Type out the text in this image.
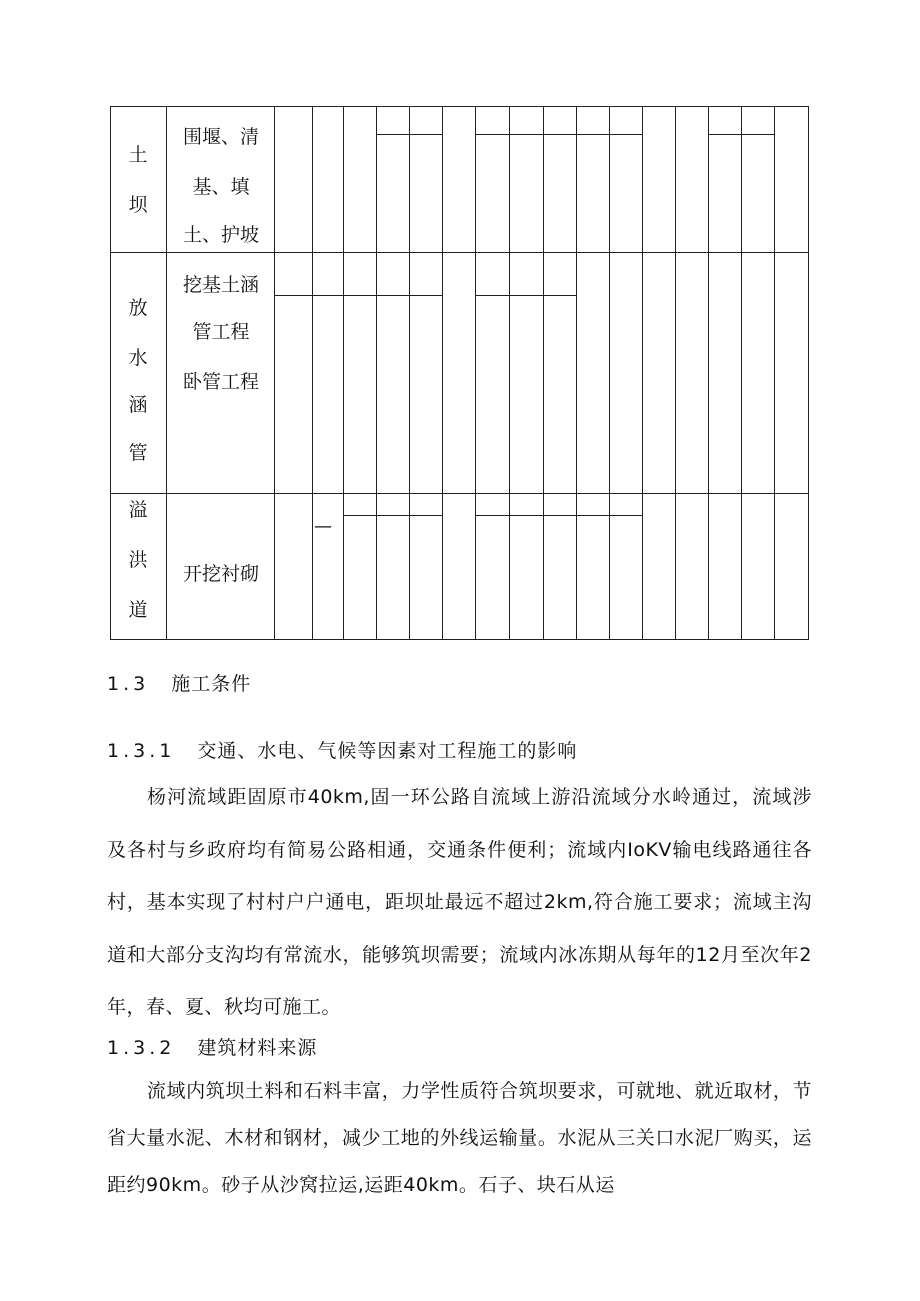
—
土
坝
围堰、清
基、填
土、护坡
放
水
涵
管
挖基土涵
管工程
卧管工程
溢
洪
道
开挖衬砌
1.3 施工条件
1.3.1 交通、水电、气候等因素对工程施工的影响
杨河流域距固原市40km,固一环公路自流域上游沿流域分水岭通过，流域涉及各村与乡政府均有简易公路相通，交通条件便利；流域内IoKV输电线路通往各村，基本实现了村村户户通电，距坝址最远不超过2km,符合施工要求；流域主沟道和大部分支沟均有常流水，能够筑坝需要；流域内冰冻期从每年的12月至次年2年，春、夏、秋均可施工。
1.3.2 建筑材料来源
流域内筑坝土料和石料丰富，力学性质符合筑坝要求，可就地、就近取材，节省大量水泥、木材和钢材，减少工地的外线运输量。水泥从三关口水泥厂购买，运距约90km。砂子从沙窝拉运,运距40km。石子、块石从运
